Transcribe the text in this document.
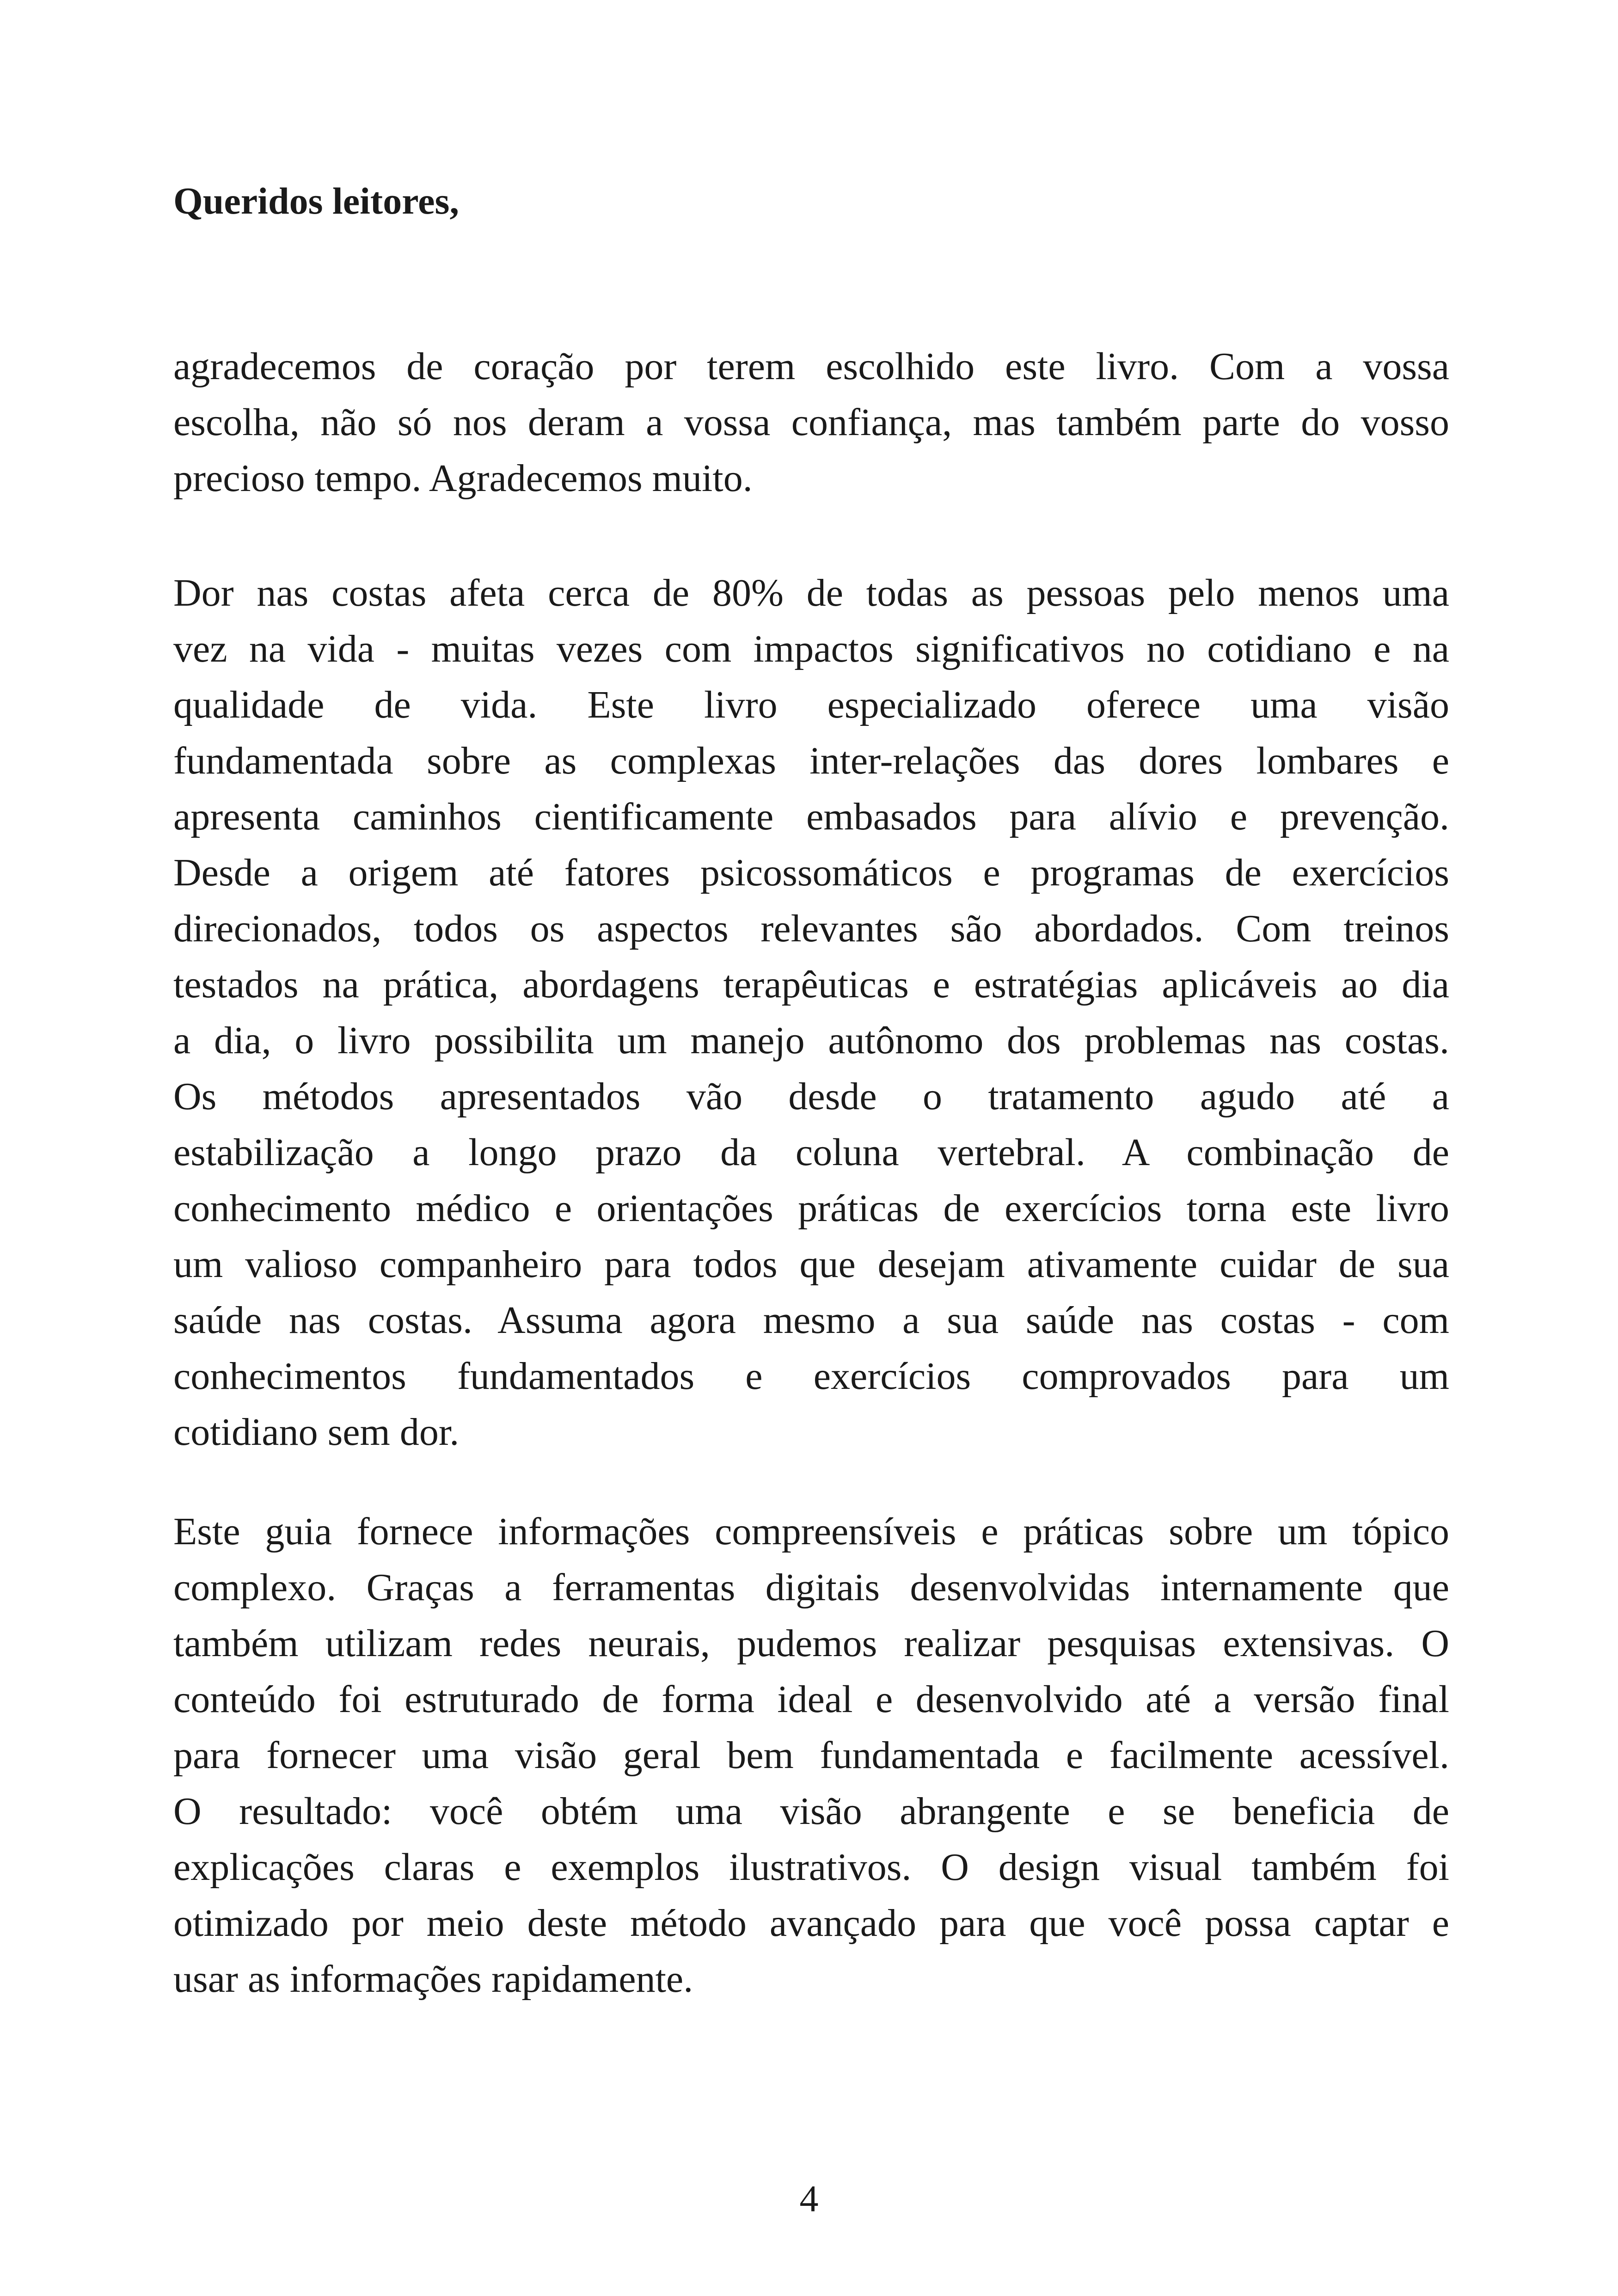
Queridos leitores,

agradecemos de coração por terem escolhido este livro. Com a vossa
escolha, não só nos deram a vossa confiança, mas também parte do vosso
precioso tempo. Agradecemos muito.

Dor nas costas afeta cerca de 80% de todas as pessoas pelo menos uma
vez na vida - muitas vezes com impactos significativos no cotidiano e na
qualidade de vida. Este livro especializado oferece uma visão
fundamentada sobre as complexas inter-relações das dores lombares e
apresenta caminhos cientificamente embasados para alívio e prevenção.
Desde a origem até fatores psicossomáticos e programas de exercícios
direcionados, todos os aspectos relevantes são abordados. Com treinos
testados na prática, abordagens terapêuticas e estratégias aplicáveis ao dia
a dia, o livro possibilita um manejo autônomo dos problemas nas costas.
Os métodos apresentados vão desde o tratamento agudo até a
estabilização a longo prazo da coluna vertebral. A combinação de
conhecimento médico e orientações práticas de exercícios torna este livro
um valioso companheiro para todos que desejam ativamente cuidar de sua
saúde nas costas. Assuma agora mesmo a sua saúde nas costas - com
conhecimentos fundamentados e exercícios comprovados para um
cotidiano sem dor.

Este guia fornece informações compreensíveis e práticas sobre um tópico
complexo. Graças a ferramentas digitais desenvolvidas internamente que
também utilizam redes neurais, pudemos realizar pesquisas extensivas. O
conteúdo foi estruturado de forma ideal e desenvolvido até a versão final
para fornecer uma visão geral bem fundamentada e facilmente acessível.
O resultado: você obtém uma visão abrangente e se beneficia de
explicações claras e exemplos ilustrativos. O design visual também foi
otimizado por meio deste método avançado para que você possa captar e
usar as informações rapidamente.

4
